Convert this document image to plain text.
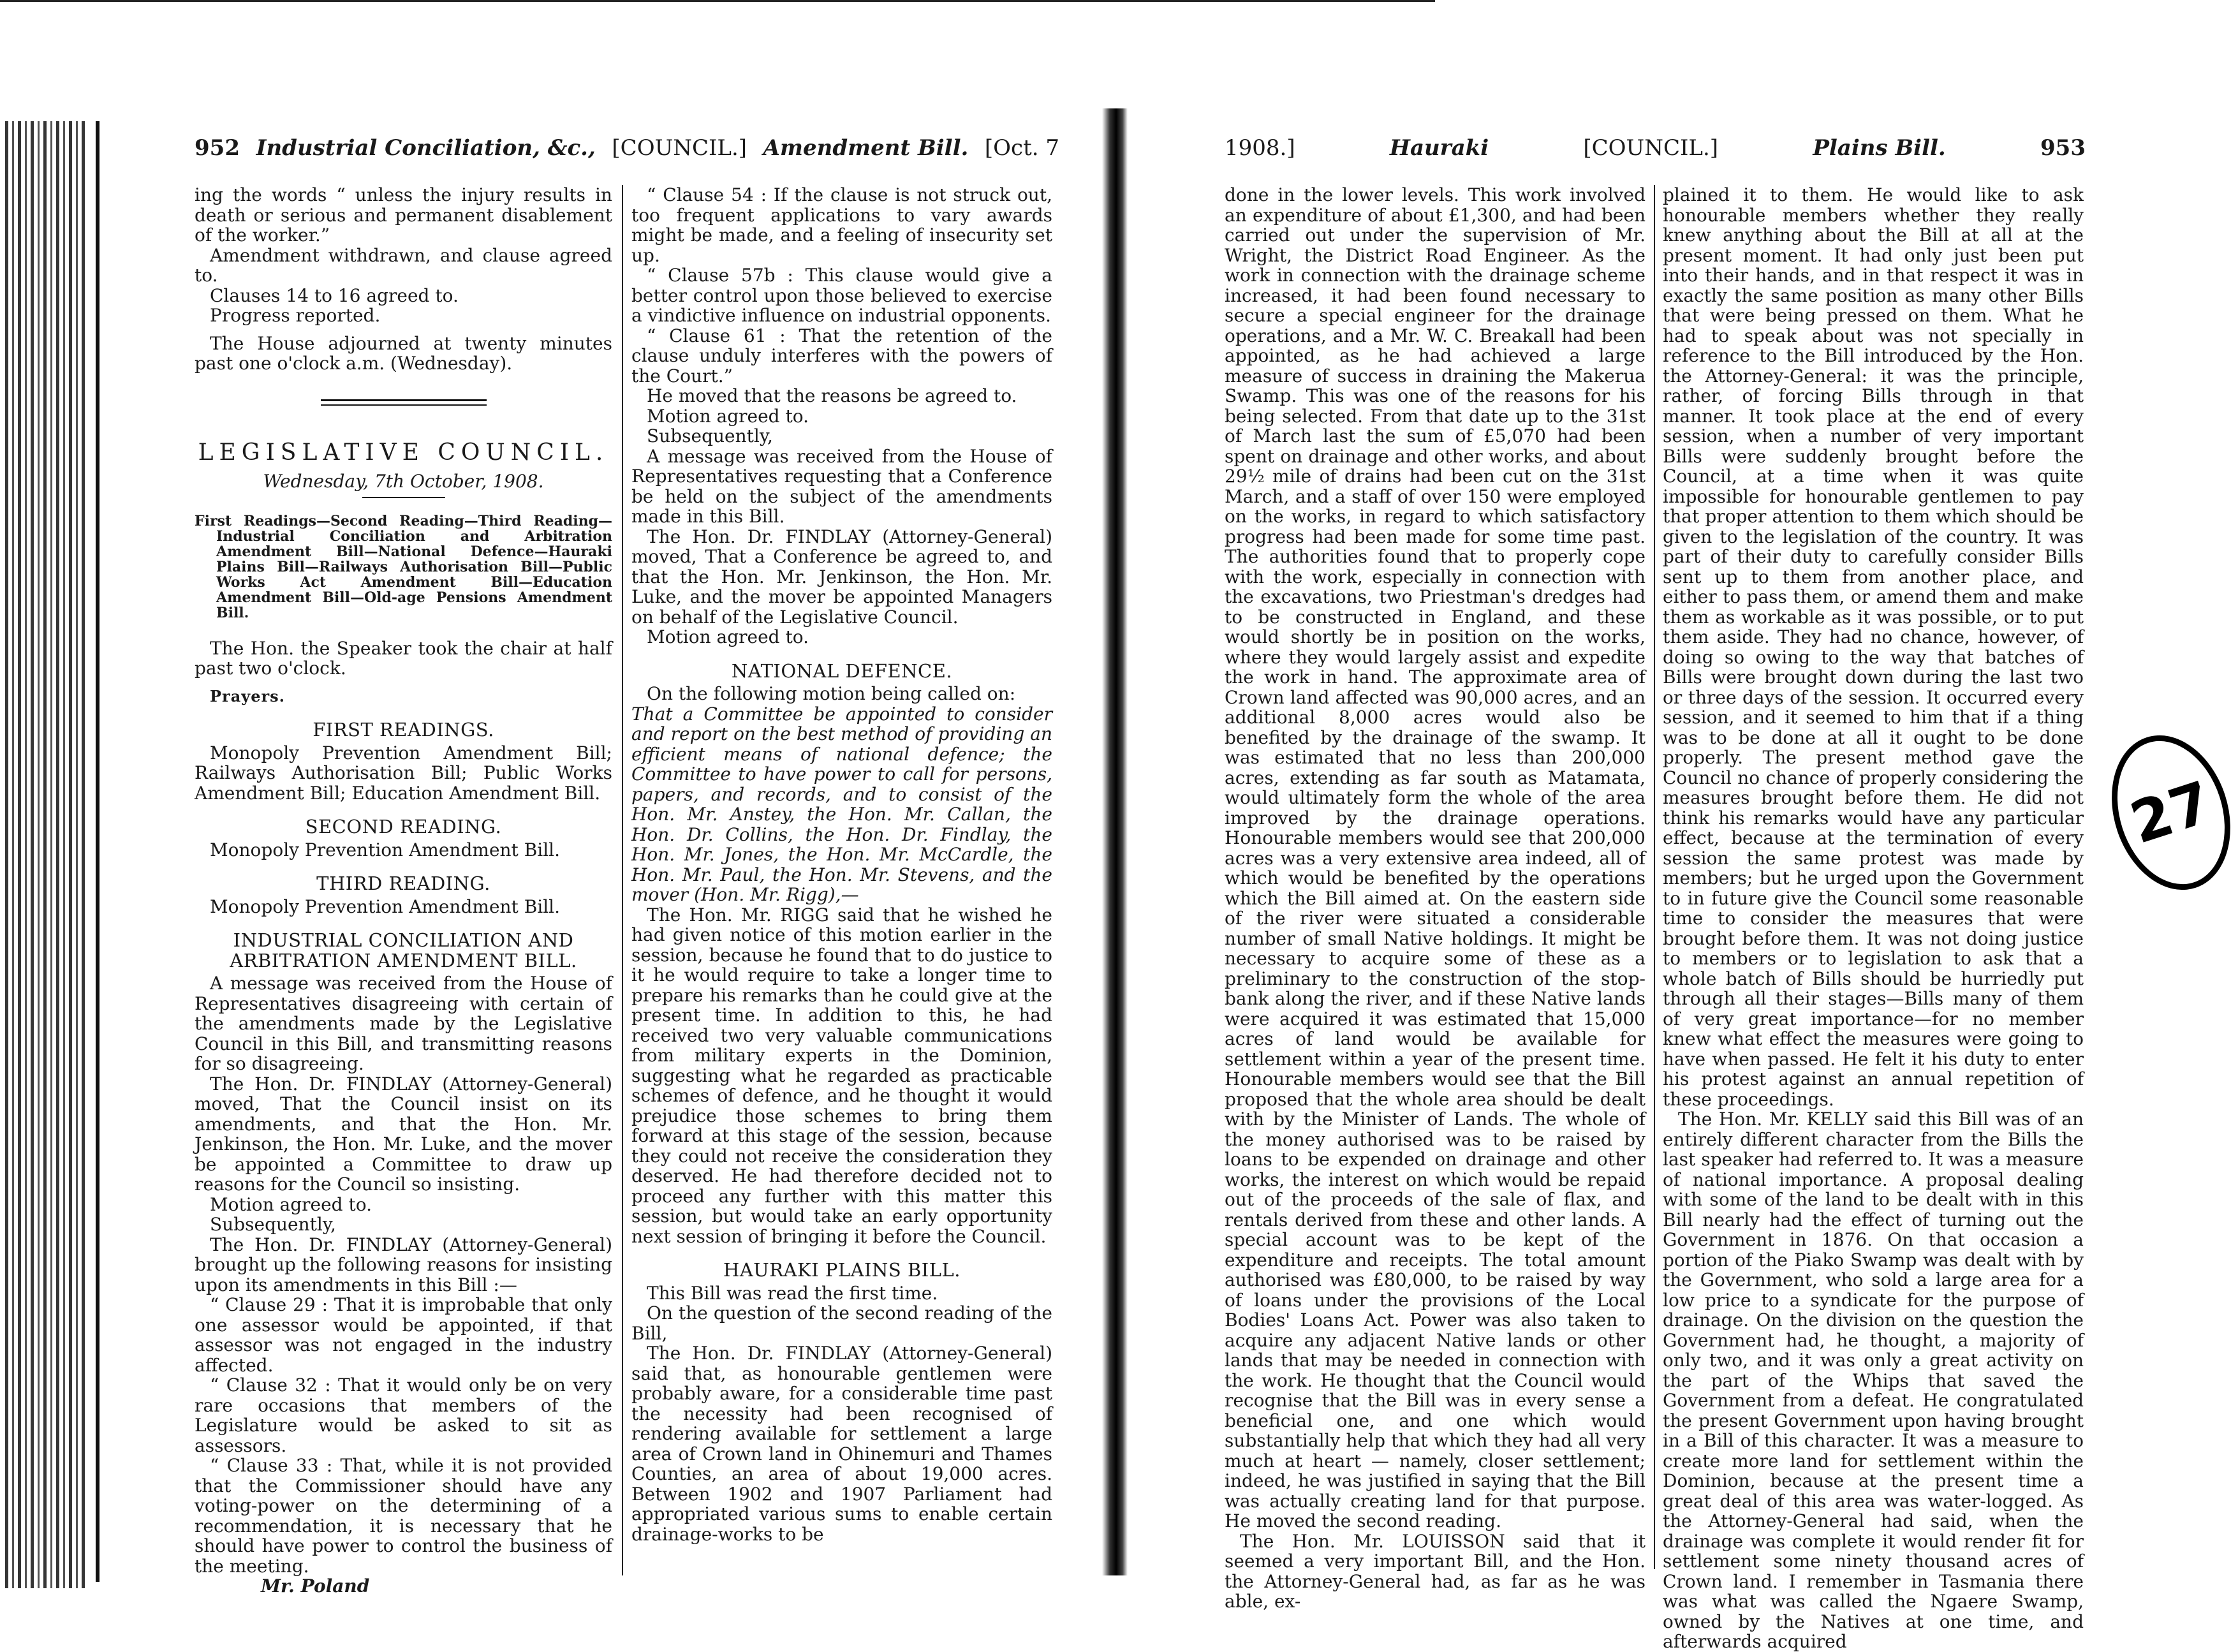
952 Industrial Conciliation, &c., [COUNCIL.] Amendment Bill. [Oct. 7

ing the words “ unless the injury results in death or serious and permanent disablement of the worker.”

Amendment withdrawn, and clause agreed to.

Clauses 14 to 16 agreed to.

Progress reported.

The House adjourned at twenty minutes past one o'clock a.m. (Wednesday).

LEGISLATIVE COUNCIL.
Wednesday, 7th October, 1908.

First Readings—Second Reading—Third Reading—Industrial Conciliation and Arbitration Amendment Bill—National Defence—Hauraki Plains Bill—Railways Authorisation Bill—Public Works Act Amendment Bill—Education Amendment Bill—Old-age Pensions Amendment Bill.

The Hon. the Speaker took the chair at half past two o'clock.

Prayers.

FIRST READINGS.

Monopoly Prevention Amendment Bill; Railways Authorisation Bill; Public Works Amendment Bill; Education Amendment Bill.

SECOND READING.

Monopoly Prevention Amendment Bill.

THIRD READING.

Monopoly Prevention Amendment Bill.

INDUSTRIAL CONCILIATION AND ARBITRATION AMENDMENT BILL.

A message was received from the House of Representatives disagreeing with certain of the amendments made by the Legislative Council in this Bill, and transmitting reasons for so disagreeing.

The Hon. Dr. FINDLAY (Attorney-General) moved, That the Council insist on its amendments, and that the Hon. Mr. Jenkinson, the Hon. Mr. Luke, and the mover be appointed a Committee to draw up reasons for the Council so insisting.

Motion agreed to.

Subsequently,

The Hon. Dr. FINDLAY (Attorney-General) brought up the following reasons for insisting upon its amendments in this Bill :—

“ Clause 29 : That it is improbable that only one assessor would be appointed, if that assessor was not engaged in the industry affected.

“ Clause 32 : That it would only be on very rare occasions that members of the Legislature would be asked to sit as assessors.

“ Clause 33 : That, while it is not provided that the Commissioner should have any voting-power on the determining of a recommendation, it is necessary that he should have power to control the business of the meeting.

Mr. Poland

“ Clause 54 : If the clause is not struck out, too frequent applications to vary awards might be made, and a feeling of insecurity set up.

“ Clause 57b : This clause would give a better control upon those believed to exercise a vindictive influence on industrial opponents.

“ Clause 61 : That the retention of the clause unduly interferes with the powers of the Court.”

He moved that the reasons be agreed to.

Motion agreed to.

Subsequently,

A message was received from the House of Representatives requesting that a Conference be held on the subject of the amendments made in this Bill.

The Hon. Dr. FINDLAY (Attorney-General) moved, That a Conference be agreed to, and that the Hon. Mr. Jenkinson, the Hon. Mr. Luke, and the mover be appointed Managers on behalf of the Legislative Council.

Motion agreed to.

NATIONAL DEFENCE.

On the following motion being called on:

That a Committee be appointed to consider and report on the best method of providing an efficient means of national defence; the Committee to have power to call for persons, papers, and records, and to consist of the Hon. Mr. Anstey, the Hon. Mr. Callan, the Hon. Dr. Collins, the Hon. Dr. Findlay, the Hon. Mr. Jones, the Hon. Mr. McCardle, the Hon. Mr. Paul, the Hon. Mr. Stevens, and the mover (Hon. Mr. Rigg),—

The Hon. Mr. RIGG said that he wished he had given notice of this motion earlier in the session, because he found that to do justice to it he would require to take a longer time to prepare his remarks than he could give at the present time. In addition to this, he had received two very valuable communications from military experts in the Dominion, suggesting what he regarded as practicable schemes of defence, and he thought it would prejudice those schemes to bring them forward at this stage of the session, because they could not receive the consideration they deserved. He had therefore decided not to proceed any further with this matter this session, but would take an early opportunity next session of bringing it before the Council.

HAURAKI PLAINS BILL.

This Bill was read the first time.

On the question of the second reading of the Bill,

The Hon. Dr. FINDLAY (Attorney-General) said that, as honourable gentlemen were probably aware, for a considerable time past the necessity had been recognised of rendering available for settlement a large area of Crown land in Ohinemuri and Thames Counties, an area of about 19,000 acres. Between 1902 and 1907 Parliament had appropriated various sums to enable certain drainage-works to be

1908.]	Hauraki	[COUNCIL.]	Plains Bill.	953

done in the lower levels. This work involved an expenditure of about £1,300, and had been carried out under the supervision of Mr. Wright, the District Road Engineer. As the work in connection with the drainage scheme increased, it had been found necessary to secure a special engineer for the drainage operations, and a Mr. W. C. Breakall had been appointed, as he had achieved a large measure of success in draining the Makerua Swamp. This was one of the reasons for his being selected. From that date up to the 31st of March last the sum of £5,070 had been spent on drainage and other works, and about 29½ mile of drains had been cut on the 31st March, and a staff of over 150 were employed on the works, in regard to which satisfactory progress had been made for some time past. The authorities found that to properly cope with the work, especially in connection with the excavations, two Priestman's dredges had to be constructed in England, and these would shortly be in position on the works, where they would largely assist and expedite the work in hand. The approximate area of Crown land affected was 90,000 acres, and an additional 8,000 acres would also be benefited by the drainage of the swamp. It was estimated that no less than 200,000 acres, extending as far south as Matamata, would ultimately form the whole of the area improved by the drainage operations. Honourable members would see that 200,000 acres was a very extensive area indeed, all of which would be benefited by the operations which the Bill aimed at. On the eastern side of the river were situated a considerable number of small Native holdings. It might be necessary to acquire some of these as a preliminary to the construction of the stop-bank along the river, and if these Native lands were acquired it was estimated that 15,000 acres of land would be available for settlement within a year of the present time. Honourable members would see that the Bill proposed that the whole area should be dealt with by the Minister of Lands. The whole of the money authorised was to be raised by loans to be expended on drainage and other works, the interest on which would be repaid out of the proceeds of the sale of flax, and rentals derived from these and other lands. A special account was to be kept of the expenditure and receipts. The total amount authorised was £80,000, to be raised by way of loans under the provisions of the Local Bodies' Loans Act. Power was also taken to acquire any adjacent Native lands or other lands that may be needed in connection with the work. He thought that the Council would recognise that the Bill was in every sense a beneficial one, and one which would substantially help that which they had all very much at heart — namely, closer settlement; indeed, he was justified in saying that the Bill was actually creating land for that purpose. He moved the second reading.

The Hon. Mr. LOUISSON said that it seemed a very important Bill, and the Hon. the Attorney-General had, as far as he was able, ex-

plained it to them. He would like to ask honourable members whether they really knew anything about the Bill at all at the present moment. It had only just been put into their hands, and in that respect it was in exactly the same position as many other Bills that were being pressed on them. What he had to speak about was not specially in reference to the Bill introduced by the Hon. the Attorney-General: it was the principle, rather, of forcing Bills through in that manner. It took place at the end of every session, when a number of very important Bills were suddenly brought before the Council, at a time when it was quite impossible for honourable gentlemen to pay that proper attention to them which should be given to the legislation of the country. It was part of their duty to carefully consider Bills sent up to them from another place, and either to pass them, or amend them and make them as workable as it was possible, or to put them aside. They had no chance, however, of doing so owing to the way that batches of Bills were brought down during the last two or three days of the session. It occurred every session, and it seemed to him that if a thing was to be done at all it ought to be done properly. The present method gave the Council no chance of properly considering the measures brought before them. He did not think his remarks would have any particular effect, because at the termination of every session the same protest was made by members; but he urged upon the Government to in future give the Council some reasonable time to consider the measures that were brought before them. It was not doing justice to members or to legislation to ask that a whole batch of Bills should be hurriedly put through all their stages—Bills many of them of very great importance—for no member knew what effect the measures were going to have when passed. He felt it his duty to enter his protest against an annual repetition of these proceedings.

The Hon. Mr. KELLY said this Bill was of an entirely different character from the Bills the last speaker had referred to. It was a measure of national importance. A proposal dealing with some of the land to be dealt with in this Bill nearly had the effect of turning out the Government in 1876. On that occasion a portion of the Piako Swamp was dealt with by the Government, who sold a large area for a low price to a syndicate for the purpose of drainage. On the division on the question the Government had, he thought, a majority of only two, and it was only a great activity on the part of the Whips that saved the Government from a defeat. He congratulated the present Government upon having brought in a Bill of this character. It was a measure to create more land for settlement within the Dominion, because at the present time a great deal of this area was water-logged. As the Attorney-General had said, when the drainage was complete it would render fit for settlement some ninety thousand acres of Crown land. I remember in Tasmania there was what was called the Ngaere Swamp, owned by the Natives at one time, and afterwards acquired

27
